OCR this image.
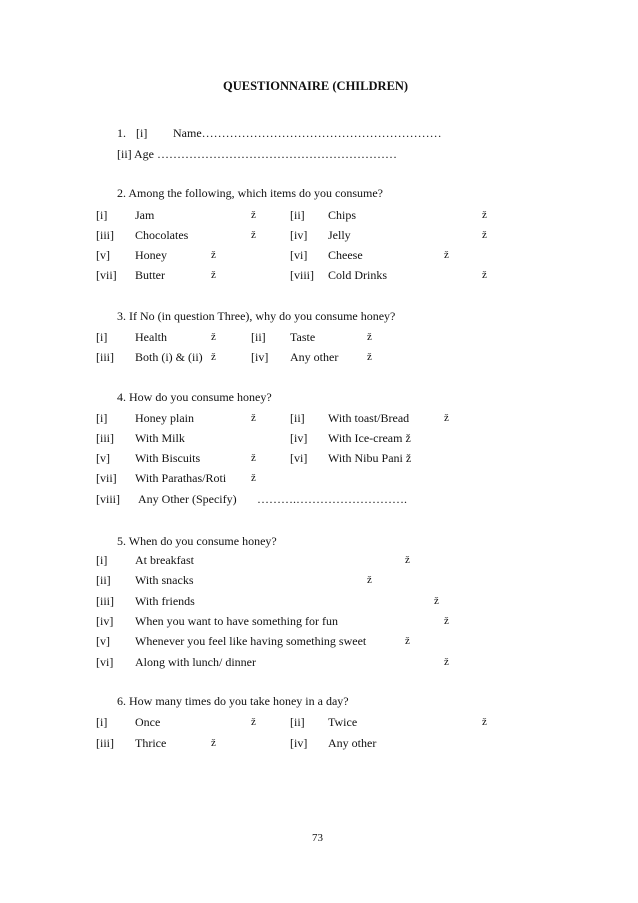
QUESTIONNAIRE (CHILDREN)
1. [i] Name……………………………………………………
[ii] Age ……………………………………………………
2. Among the following, which items do you consume?
[i] Jam	ž	[ii] Chips	ž
[iii] Chocolates	ž	[iv] Jelly	ž
[v] Honey	ž	[vi] Cheese	ž
[vii] Butter	ž	[viii] Cold Drinks	ž
3. If No (in question Three), why do you consume honey?
[i] Health	ž	[ii] Taste	ž
[iii] Both (i) & (ii) ž	[iv] Any other	ž
4. How do you consume honey?
[i] Honey plain	ž	[ii] With toast/Bread	ž
[iii] With Milk	[iv] With Ice-cream ž
[v] With Biscuits	ž	[vi] With Nibu Pani ž
[vii] With Parathas/Roti ž
[viii] Any Other (Specify) ……….……………………….
5. When do you consume honey?
[i] At breakfast	ž
[ii] With snacks	ž
[iii] With friends	ž
[iv] When you want to have something for fun	ž
[v] Whenever you feel like having something sweet	ž
[vi] Along with lunch/ dinner	ž
6. How many times do you take honey in a day?
[i] Once	ž	[ii] Twice	ž
[iii] Thrice	ž	[iv] Any other
73
